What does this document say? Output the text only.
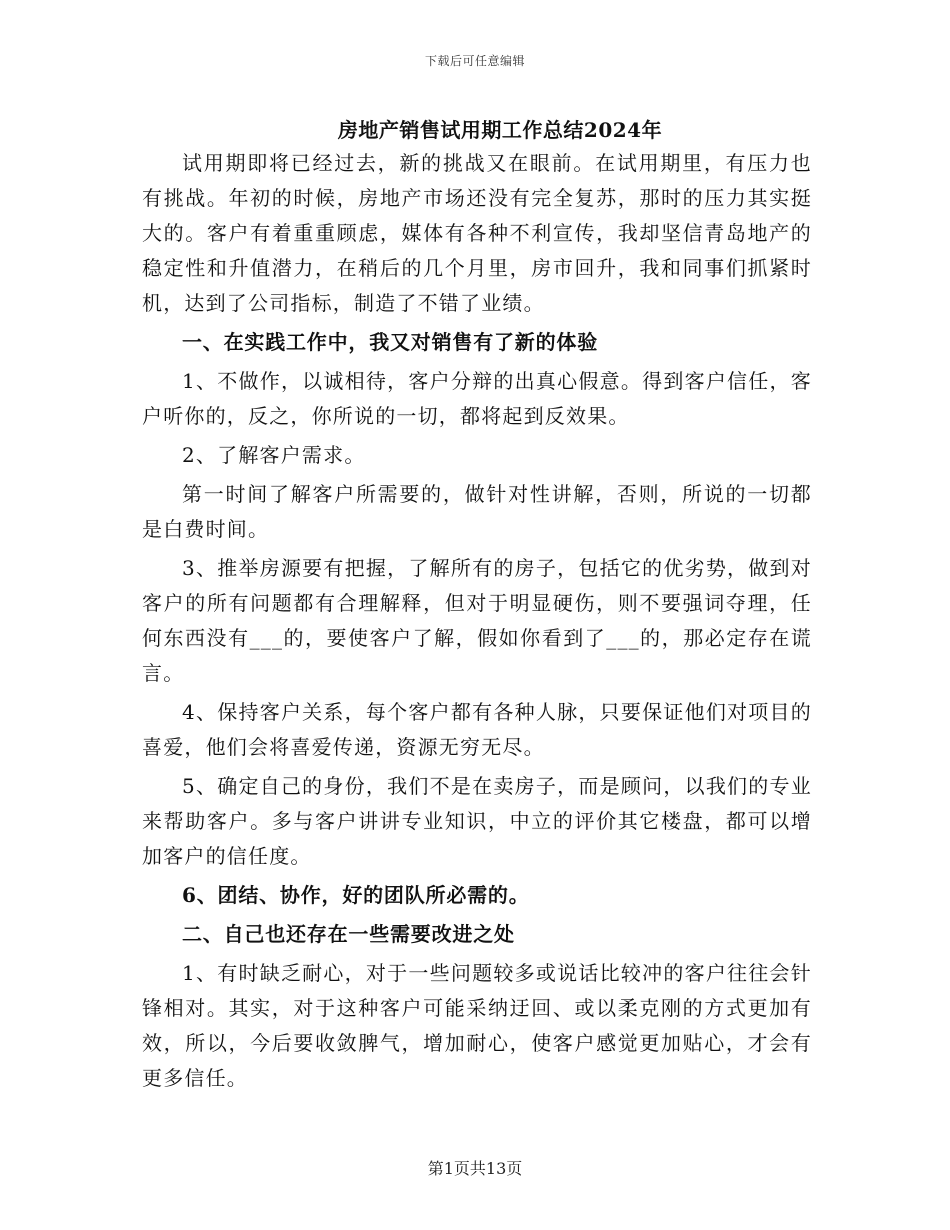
下载后可任意编辑
房地产销售试用期工作总结2024年

试用期即将已经过去，新的挑战又在眼前。在试用期里，有压力也有挑战。年初的时候，房地产市场还没有完全复苏，那时的压力其实挺大的。客户有着重重顾虑，媒体有各种不利宣传，我却坚信青岛地产的稳定性和升值潜力，在稍后的几个月里，房市回升，我和同事们抓紧时机，达到了公司指标，制造了不错了业绩。

一、在实践工作中，我又对销售有了新的体验

1、不做作，以诚相待，客户分辩的出真心假意。得到客户信任，客户听你的，反之，你所说的一切，都将起到反效果。

2、了解客户需求。

第一时间了解客户所需要的，做针对性讲解，否则，所说的一切都是白费时间。

3、推举房源要有把握，了解所有的房子，包括它的优劣势，做到对客户的所有问题都有合理解释，但对于明显硬伤，则不要强词夺理，任何东西没有___的，要使客户了解，假如你看到了___的，那必定存在谎言。

4、保持客户关系，每个客户都有各种人脉，只要保证他们对项目的喜爱，他们会将喜爱传递，资源无穷无尽。

5、确定自己的身份，我们不是在卖房子，而是顾问，以我们的专业来帮助客户。多与客户讲讲专业知识，中立的评价其它楼盘，都可以增加客户的信任度。

6、团结、协作，好的团队所必需的。

二、自己也还存在一些需要改进之处

1、有时缺乏耐心，对于一些问题较多或说话比较冲的客户往往会针锋相对。其实，对于这种客户可能采纳迂回、或以柔克刚的方式更加有效，所以，今后要收敛脾气，增加耐心，使客户感觉更加贴心，才会有更多信任。

第1页共13页
